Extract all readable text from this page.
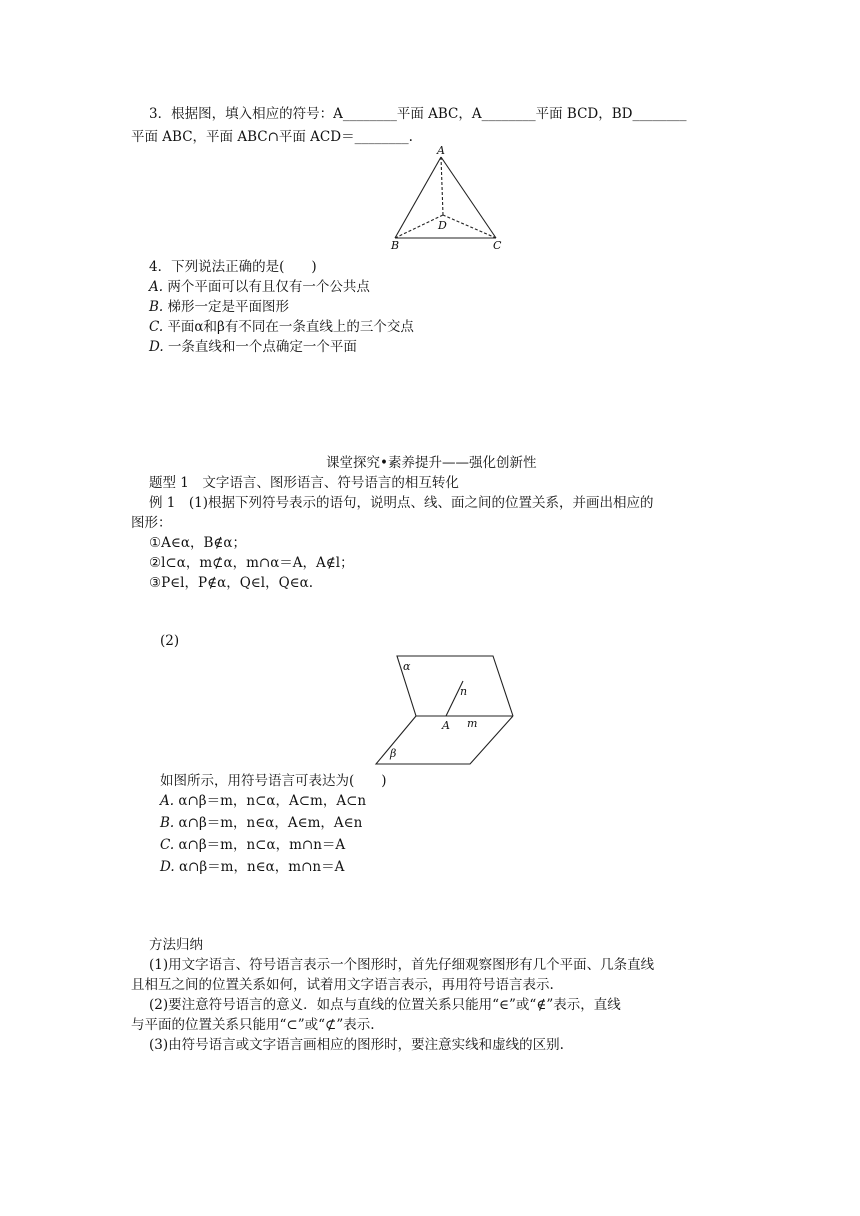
3．根据图，填入相应的符号：A________平面 ABC，A________平面 BCD，BD________
平面 ABC，平面 ABC∩平面 ACD＝________.
A
B	C
D
4．下列说法正确的是(　　)
A. 两个平面可以有且仅有一个公共点
B. 梯形一定是平面图形
C. 平面α和β有不同在一条直线上的三个交点
D. 一条直线和一个点确定一个平面
课堂探究•素养提升——强化创新性
题型 1　文字语言、图形语言、符号语言的相互转化
例 1　(1)根据下列符号表示的语句，说明点、线、面之间的位置关系，并画出相应的
图形：
①A∈α，B∉α；
②l⊂α，m⊄α，m∩α＝A，A∉l；
③P∈l，P∉α，Q∈l，Q∈α.
(2)
α
β
n
A m
如图所示，用符号语言可表达为(　　)
A. α∩β＝m，n⊂α，A⊂m，A⊂n
B. α∩β＝m，n∈α，A∈m，A∈n
C. α∩β＝m，n⊂α，m∩n＝A
D. α∩β＝m，n∈α，m∩n＝A
方法归纳
(1)用文字语言、符号语言表示一个图形时，首先仔细观察图形有几个平面、几条直线
且相互之间的位置关系如何，试着用文字语言表示，再用符号语言表示.
(2)要注意符号语言的意义．如点与直线的位置关系只能用“∈”或“∉”表示，直线
与平面的位置关系只能用“⊂”或“⊄”表示.
(3)由符号语言或文字语言画相应的图形时，要注意实线和虚线的区别.
